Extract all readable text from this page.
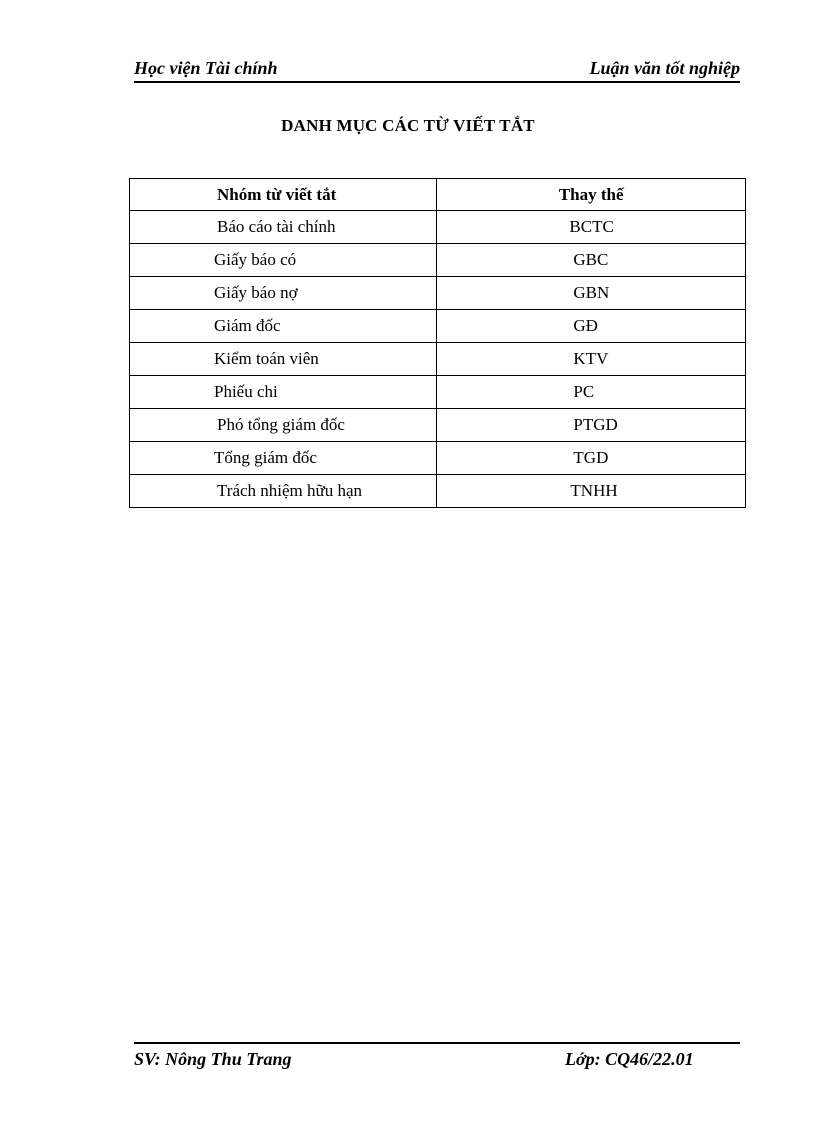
Học viện Tài chính	Luận văn tốt nghiệp
DANH MỤC CÁC TỪ VIẾT TẮT
Nhóm từ viết tắt	Thay thế
Báo cáo tài chính	BCTC
Giấy báo có	GBC
Giấy báo nợ	GBN
Giám đốc	GĐ
Kiểm toán viên	KTV
Phiếu chi	PC
Phó tổng giám đốc	PTGD
Tổng giám đốc	TGD
Trách nhiệm hữu hạn	TNHH
SV: Nông Thu Trang	Lớp: CQ46/22.01
